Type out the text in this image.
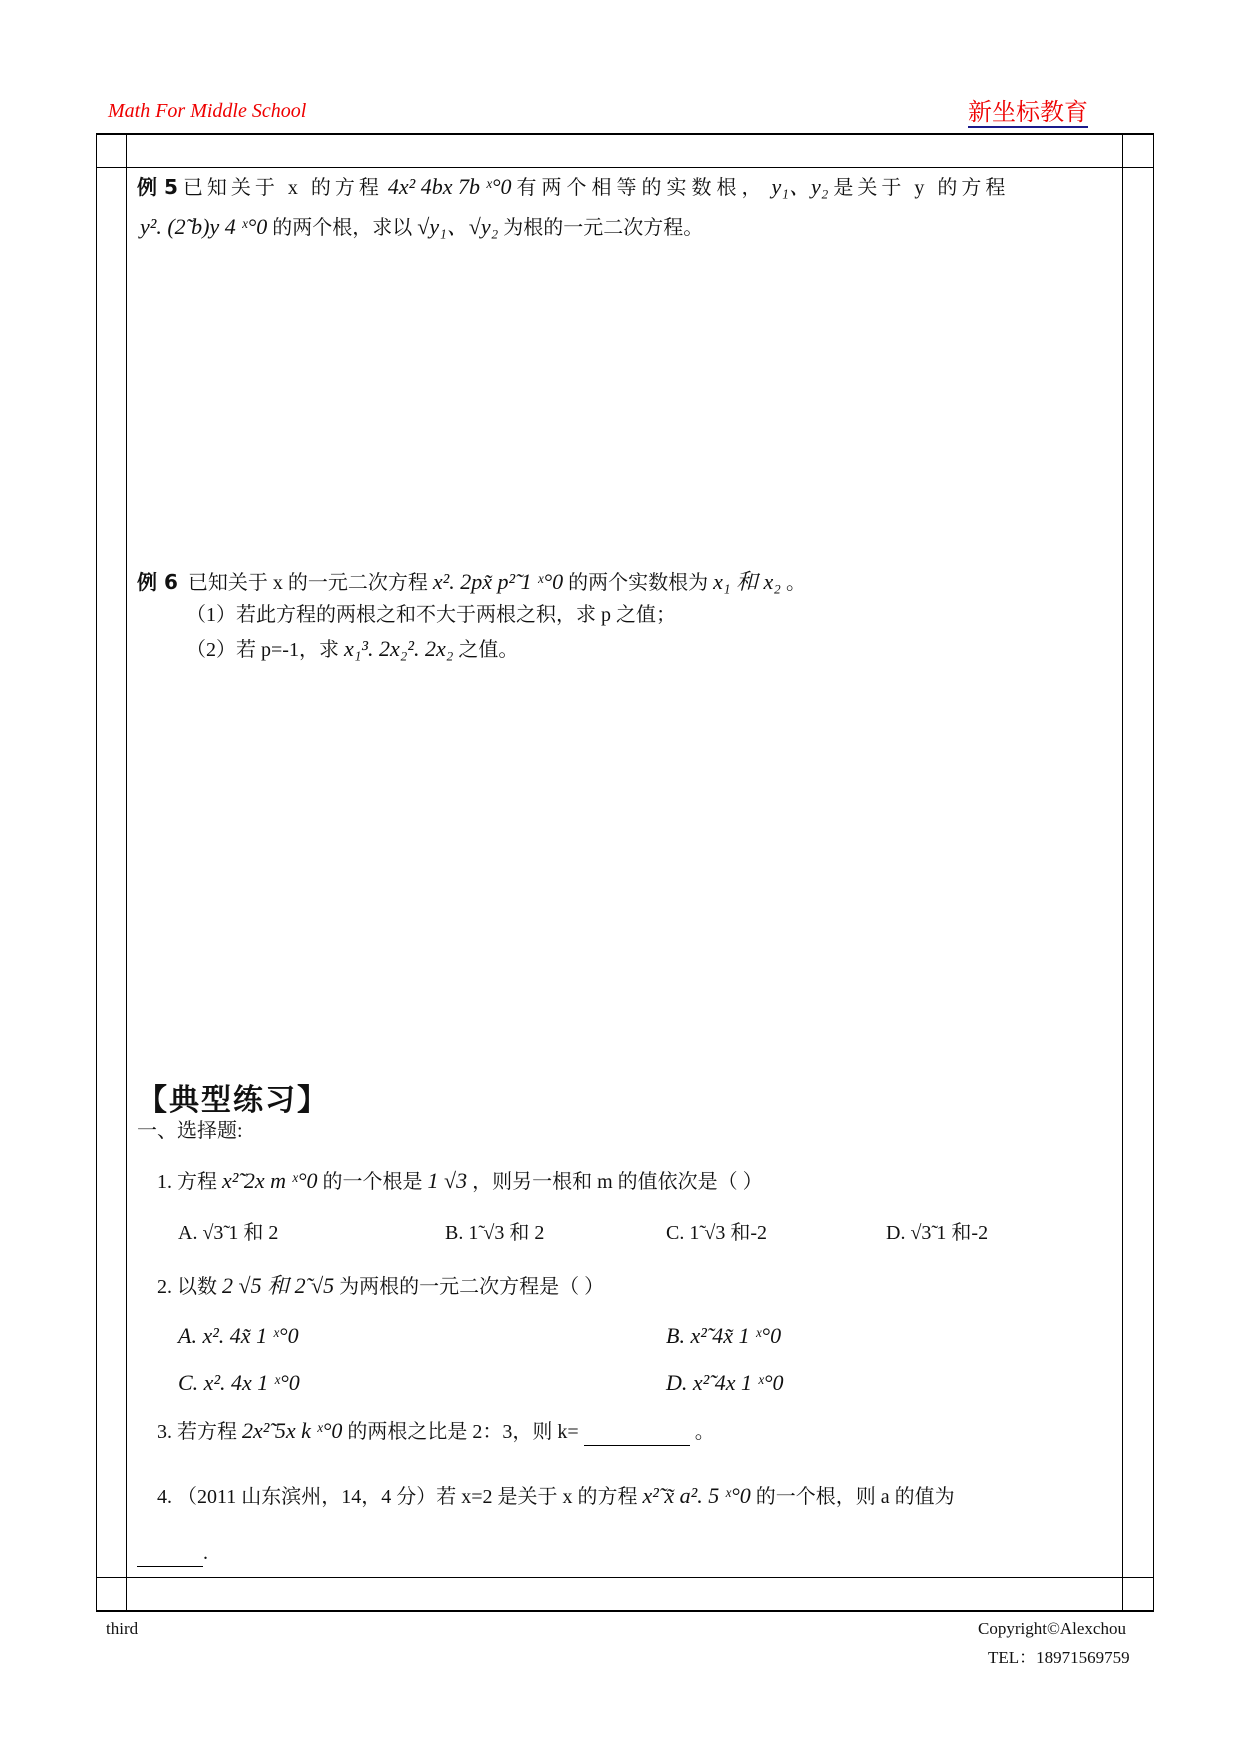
Math For Middle School	新坐标教育
例 5 已知关于 x 的方程 4x² 4bx 7b ˣ°0 有两个相等的实数根， y₁、y₂ 是关于 y 的方程
y². (2̃ b)y 4 ˣ°0 的两个根，求以 √y₁、√y₂ 为根的一元二次方程。
例 6 已知关于 x 的一元二次方程 x². 2px̃ p²̃ 1 ˣ°0 的两个实数根为 x₁ 和 x₂ 。
（1）若此方程的两根之和不大于两根之积，求 p 之值；
（2）若 p=-1，求 x₁³. 2x₂². 2x₂ 之值。
【典型练习】
一、选择题:
1. 方程 x²̃ 2x m ˣ°0 的一个根是 1 √3 ，则另一根和 m 的值依次是（ ）
A. √3̃ 1 和 2	B. 1̃ √3 和 2	C. 1̃ √3 和-2	D. √3̃ 1 和-2
2. 以数 2 √5 和 2̃ √5 为两根的一元二次方程是（ ）
A. x². 4x̃ 1 ˣ°0	B. x²̃ 4x̃ 1 ˣ°0
C. x². 4x 1 ˣ°0	D. x²̃ 4x 1 ˣ°0
3. 若方程 2x²̃ 5x k ˣ°0 的两根之比是 2：3，则 k=	。
4. （2011 山东滨州，14，4 分）若 x=2 是关于 x 的方程 x²̃ x̃ a². 5 ˣ°0 的一个根，则 a 的值为
.
third	Copyright©Alexchou
TEL：18971569759
